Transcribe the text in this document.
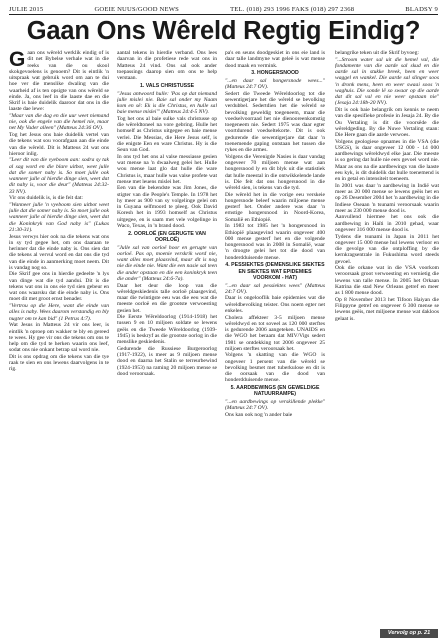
JULIE 2015	GOEIE NUUS/GOOD NEWS	TEL. (018) 293 1996 FAKS (018) 297 2368	BLADSY 9
Gaan Ons Wêreld Regtig Eindig?

Gaan ons wêreld werklik eindig of is dit net Bybelse verhale wat in die reeks van die ou skool skokgevoelens is genoem? Dit is eintlik 'n uitspraak wat gebruik word om aan te dui hoe ver die menslike dwaling van die waarheid af is ten opsigte van ons wêreld se einde. Ja, ons leef in die laaste dae en die Skrif is baie duidelik daaroor dat ons in die laaste dae lewe:

"Maar van die dag en die uur weet niemand nie, ook die engele van die hemel nie, maar net My Vader alleen" (Matteus 24:36 OV).

Tog het Jesus ons baie duidelik vertel van die tekens wat sou voorafgaan aan die einde van die wêreld. Dit is Matteus 24 wat ons hieroor inlig.

"Leer dit van die vyeboom aan: sodra sy tak al sag word en die blare uitbot, weet julle dat die somer naby is. So moet julle ook wanneer julle al hierdie dinge sien, weet dat dit naby is, voor die deur" (Matteus 24:32-33 NV).

Vir ons duidelik is, is die feit dat:

"Wanneer julle 'n vyeboom sien uitbot weet julle dat die somer naby is. So moet julle ook wanneer julle al hierdie dinge sien, weet dat die Koninkryk van God naby is" (Lukas 21:30-31).

Jesus verwys hier ook na die tekens wat ons in sy tyd gegee het, om ons daaraan te herinner dat die einde naby is. Ons sien dat die tekens al vervul word en dat ons die tyd van die einde in aanmerking moet neem. Dit is vandag nog so.

Die Skrif gee ons in hierdie gedeelte 'n lys van dinge wat die tyd aandui. Dit is die tekens wat ons in ons eie tyd sien gebeur en wat ons waarsku dat die einde naby is. Ons moet dit met groot ernst benader.

"Vertrou op die Here, want die einde van alles is naby. Wees daarom verstandig en bly nugter om te kan bid" (1 Petrus 4:7).

Wat Jesus in Matteus 24 vir ons leer, is eintlik 'n oproep om wakker te bly en gereed te wees. Hy gee vir ons die tekens om ons te help om die tyd te herken waarin ons leef, sodat ons nie onkant betrap sal word nie.

Dit is ons opdrag om die tekens van die tye raak te sien en ons lewens daarvolgens in te rig.

aantal tekens in hierdie verband. Ons lees daarvan in die profetiese rede wat ons in Matteus 24 vind. Ons sal ook ander toepassings daarop sien om ons te help verstaan.

1. VALS CHRISTUSSE

"Jesus antwoord hulle: 'Pas op dat niemand julle mislei nie. Baie sal onder my Naam kom en sê: Ek is die Christus, en hulle sal baie mense mislei'" (Matteus 24:4-5 NV).

Tog het ons al baie sulke vals christusse op die wêreldtoneel na vore gebring. Hulle het homself as Christus uitgegee en baie mense verlei. Die Messias, die Here Jesus self, is die enigste Een en ware Christus. Hy is die Seun van God.

In ons tyd het ons al valse messiasse gesien wat mense na 'n dwaalweg gelei het. Hulle wou mense laat glo dat hulle die ware Christus is, maar hulle was valse profete wat mense met leuens mislei het.

Een van die bekendste was Jim Jones, die stigter van die People's Temple. In 1978 het hy meer as 900 van sy volgelinge gelei om in Guyana selfmoord te pleeg. Ook David Koresh het in 1993 homself as Christus uitgegee, en is saam met vele volgelinge in Waco, Texas, in 'n brand dood.

2. OORLOË (EN GERUGTE VAN OORLOË)

"Julle sal van oorloë hoor en gerugte van oorloë. Pas op, moenie verskrik word nie, want alles moet plaasvind, maar dit is nog nie die einde nie. Want die een nasie sal teen die ander opstaan en die een koninkryk teen die ander" (Matteus 24:6-7a).

Daar het deur die loop van die wêreldgeskiedenis talle oorloë plaasgevind, maar die twintigste eeu was die eeu wat die meeste oorloë en die grootste verwoesting gesien het.

Die Eerste Wêreldoorlog (1914-1918) het tussen 9 en 10 miljoen soldate se lewens geëis en die Tweede Wêreldoorlog (1939-1945) is beskryf as die grootste oorlog in die menslike geskiedenis.

Gedurende die Russiese Burgeroorlog (1917-1922), is meer as 9 miljoen mense dood en daarna het Stalin se terreurbewind (1924-1953) na raming 20 miljoen mense se dood veroorsaak.

pa's en seuns doodgeskiet in ons eie land is daar talle landmyne wat geleë is wat mense dood maak en vermink.

3. HONGERSNOOD

"...en daar sal hongersnode wees..." (Matteus 24:7 OV).

Sedert die Tweede Wêreldoorlog tot die sewentigerjare het die wêreld se bevolking verdubbel. Sedertdien het die wêreld se bevolking geweldig toegeneem, maar die voedselvoorraad het nie dienooreenkomstig toegeneem nie. Sedert 1975 was daar egter voortdurend voedseltekorte. Dit is ook gedurende die sewentigerjare dat daar 'n toenemende gaping ontstaan het tussen die rykes en die armes.

Volgens die Verenigde Nasies is daar vandag ongeveer 70 miljoen mense wat aan hongersnood ly en dit blyk uit die statistiek dat hulle meestal in die ontwikkelende lande is. Die feit dat ons hongersnood in die wêreld sien, is tekens van die tyd.

Die wêreld het in die vorige eeu verskeie hongersnode beleef waarin miljoene mense gesterf het. Onder andere was daar 'n ernstige hongersnood in Noord-Korea, Somalië en Ethiopië.

In 1983 tot 1985 het 'n hongersnood in Ethiopië plaasgevind waarin ongeveer 400 000 mense gesterf het en die volgende hongersnood was in 2008 in Somalië, waar 'n droogte gelei het tot die dood van honderdduisende mense.

4. PESSIEKTES (DEMENSLIKE SIEKTES EN SIEKTES WAT EPIDEMIES VOORKOM - HAT)

"...en daar sal pessiektes wees" (Matteus 24:7 OV).

Daar is ongelooflik baie epidemies wat die wêreldbevolking teister. Ons noem egter net enkeles.

Cholera affekteer 3-5 miljoen mense wêreldwyd en tot soveel as 120 000 sterftes is gedurende 2006 aangeteken. UNAIDS en die WGO het beraam dat MIV/Vigs sedert 1981 se ontdekking tot 2006 ongeveer 25 miljoen sterftes veroorsaak het.

Volgens 'n skatting van die WGO is ongeveer 1 persent van die wêreld se bevolking besmet met tuberkulose en dit is die oorsaak van die dood van honderdduisende mense.

5. AARDBEWINGS (EN GEWELDIGE NATUURRAMPE)

"...en aardbewings op verskillende plekke" (Matteus 24:7 OV).

Ons kan ook nog 'n ander baie

belangrike teken uit die Skrif byvoeg:

"...Stroom water sal uit die hemel val, die fondamente van die aarde sal skud en die aarde sal in stukke breek, heen en weer waggel en wankel. Die aarde sal slinger soos 'n dronk mens, heen en weer swaai soos 'n waghuis. Die sonde lê so swaar op die aarde dat dit sal val en nie weer opstaan nie" (Jesaja 24:18b-20 NV).

Dit is ook baie belangrik om kennis te neem van die spesifieke profesie in Jesaja 24. By die Ou Vertaling is dit die voorsêde die wêreldgeding. By die Nuwe Vertaling staan: Die Here gaan die aarde verwoes.

Volgens geologiese opnames in die VSA (die USGS), is daar ongeveer 12 000 - 14 000 aardbewings wêreldwyd elke jaar. Die meeste is so gering dat hulle nie eers gevoel word nie. Maar as ons na die aardbewings van die laaste eeu kyk, is dit duidelik dat hulle toenemend is en in getal en intensiteit toeneem.

In 2001 was daar 'n aardbewing in Indië wat meer as 20 000 mense se lewens geëis het en op 26 Desember 2004 het 'n aardbewing in die Indiese Oseaan 'n tsunami veroorsaak waarin meer as 230 000 mense dood is.

Aanvullend hiermee het ons ook die aardbewing in Haïti in 2010 gehad, waar ongeveer 316 000 mense dood is.

Tydens die tsunami in Japan in 2011 het ongeveer 15 000 mense hul lewens verloor en die gevolge van die ontploffing by die kernkragsentrale in Fukushima word steeds gevoel.

Ook die orkane wat in die VSA voorkom veroorsaak groot verwoesting en vernietig die lewens van talle mense. In 2005 het Orkaan Katrina die stad New Orleans getref en meer as 1 800 mense dood.

Op 8 November 2013 het Tifoon Haiyan die Filippyne getref en ongeveer 6 300 mense se lewens geëis, met miljoene mense wat dakloos gelaat is.

Vervolg op p. 21
